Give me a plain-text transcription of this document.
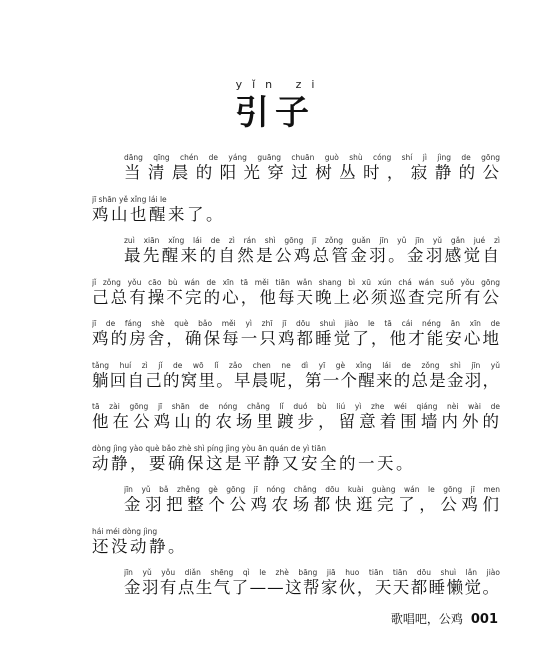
yǐn zi
引子
dāng qīng chén de yáng guāng chuān guò shù cóng shí jì jìng de gōng
当清晨的阳光穿过树丛时，寂静的公
jī shān yě xǐng lái le
鸡山也醒来了。
zuì xiān xǐng lái de zì rán shì gōng jī zǒng guǎn jīn yǔ jīn yǔ gǎn jué zì
最先醒来的自然是公鸡总管金羽。金羽感觉自
jǐ zǒng yǒu cāo bù wán de xīn tā měi tiān wǎn shang bì xū xún chá wán suǒ yǒu gōng
己总有操不完的心，他每天晚上必须巡查完所有公
jī de fáng shè què bǎo měi yì zhī jī dōu shuì jiào le tā cái néng ān xīn de
鸡的房舍，确保每一只鸡都睡觉了，他才能安心地
tǎng huí zì jǐ de wō lǐ zǎo chen ne dì yī gè xǐng lái de zǒng shì jīn yǔ
躺回自己的窝里。早晨呢，第一个醒来的总是金羽，
tā zài gōng jī shān de nóng chǎng lǐ duó bù liú yì zhe wéi qiáng nèi wài de
他在公鸡山的农场里踱步，留意着围墙内外的
dòng jìng yào què bǎo zhè shì píng jìng yòu ān quán de yì tiān
动静，要确保这是平静又安全的一天。
jīn yǔ bǎ zhěng gè gōng jī nóng chǎng dōu kuài guàng wán le gōng jī men
金羽把整个公鸡农场都快逛完了，公鸡们
hái méi dòng jìng
还没动静。
jīn yǔ yǒu diǎn shēng qì le zhè bāng jiā huo tiān tiān dōu shuì lǎn jiào
金羽有点生气了——这帮家伙，天天都睡懒觉。
歌唱吧，公鸡 001
